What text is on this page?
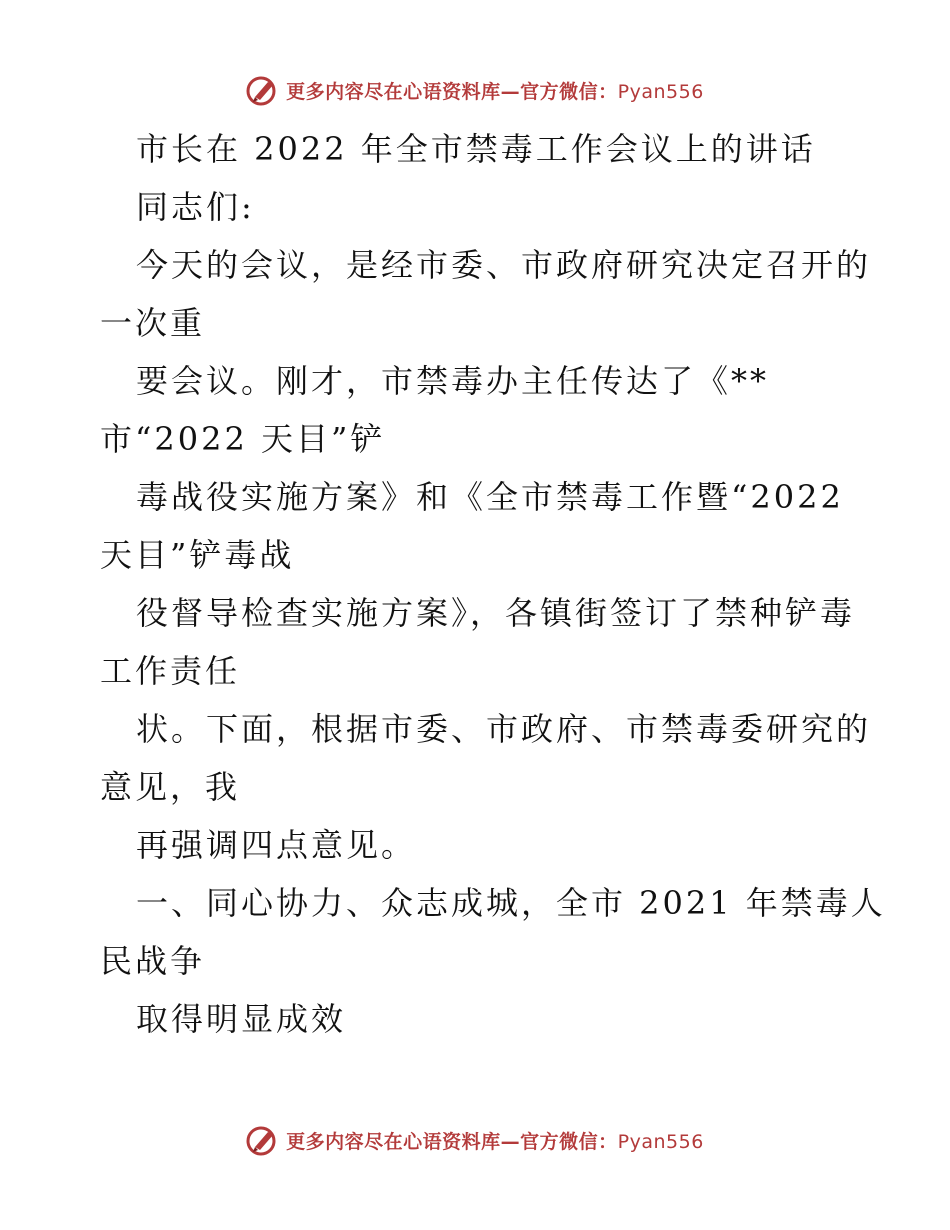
更多内容尽在心语资料库—官方微信：Pyan556
市长在 2022 年全市禁毒工作会议上的讲话
同志们:
今天的会议，是经市委、市政府研究决定召开的
一次重
要会议。刚才，市禁毒办主任传达了《**
市“2022 天目”铲
毒战役实施方案》和《全市禁毒工作暨“2022
天目”铲毒战
役督导检查实施方案》，各镇街签订了禁种铲毒
工作责任
状。下面，根据市委、市政府、市禁毒委研究的
意见，我
再强调四点意见。
一、同心协力、众志成城，全市 2021 年禁毒人
民战争
取得明显成效
更多内容尽在心语资料库—官方微信：Pyan556
